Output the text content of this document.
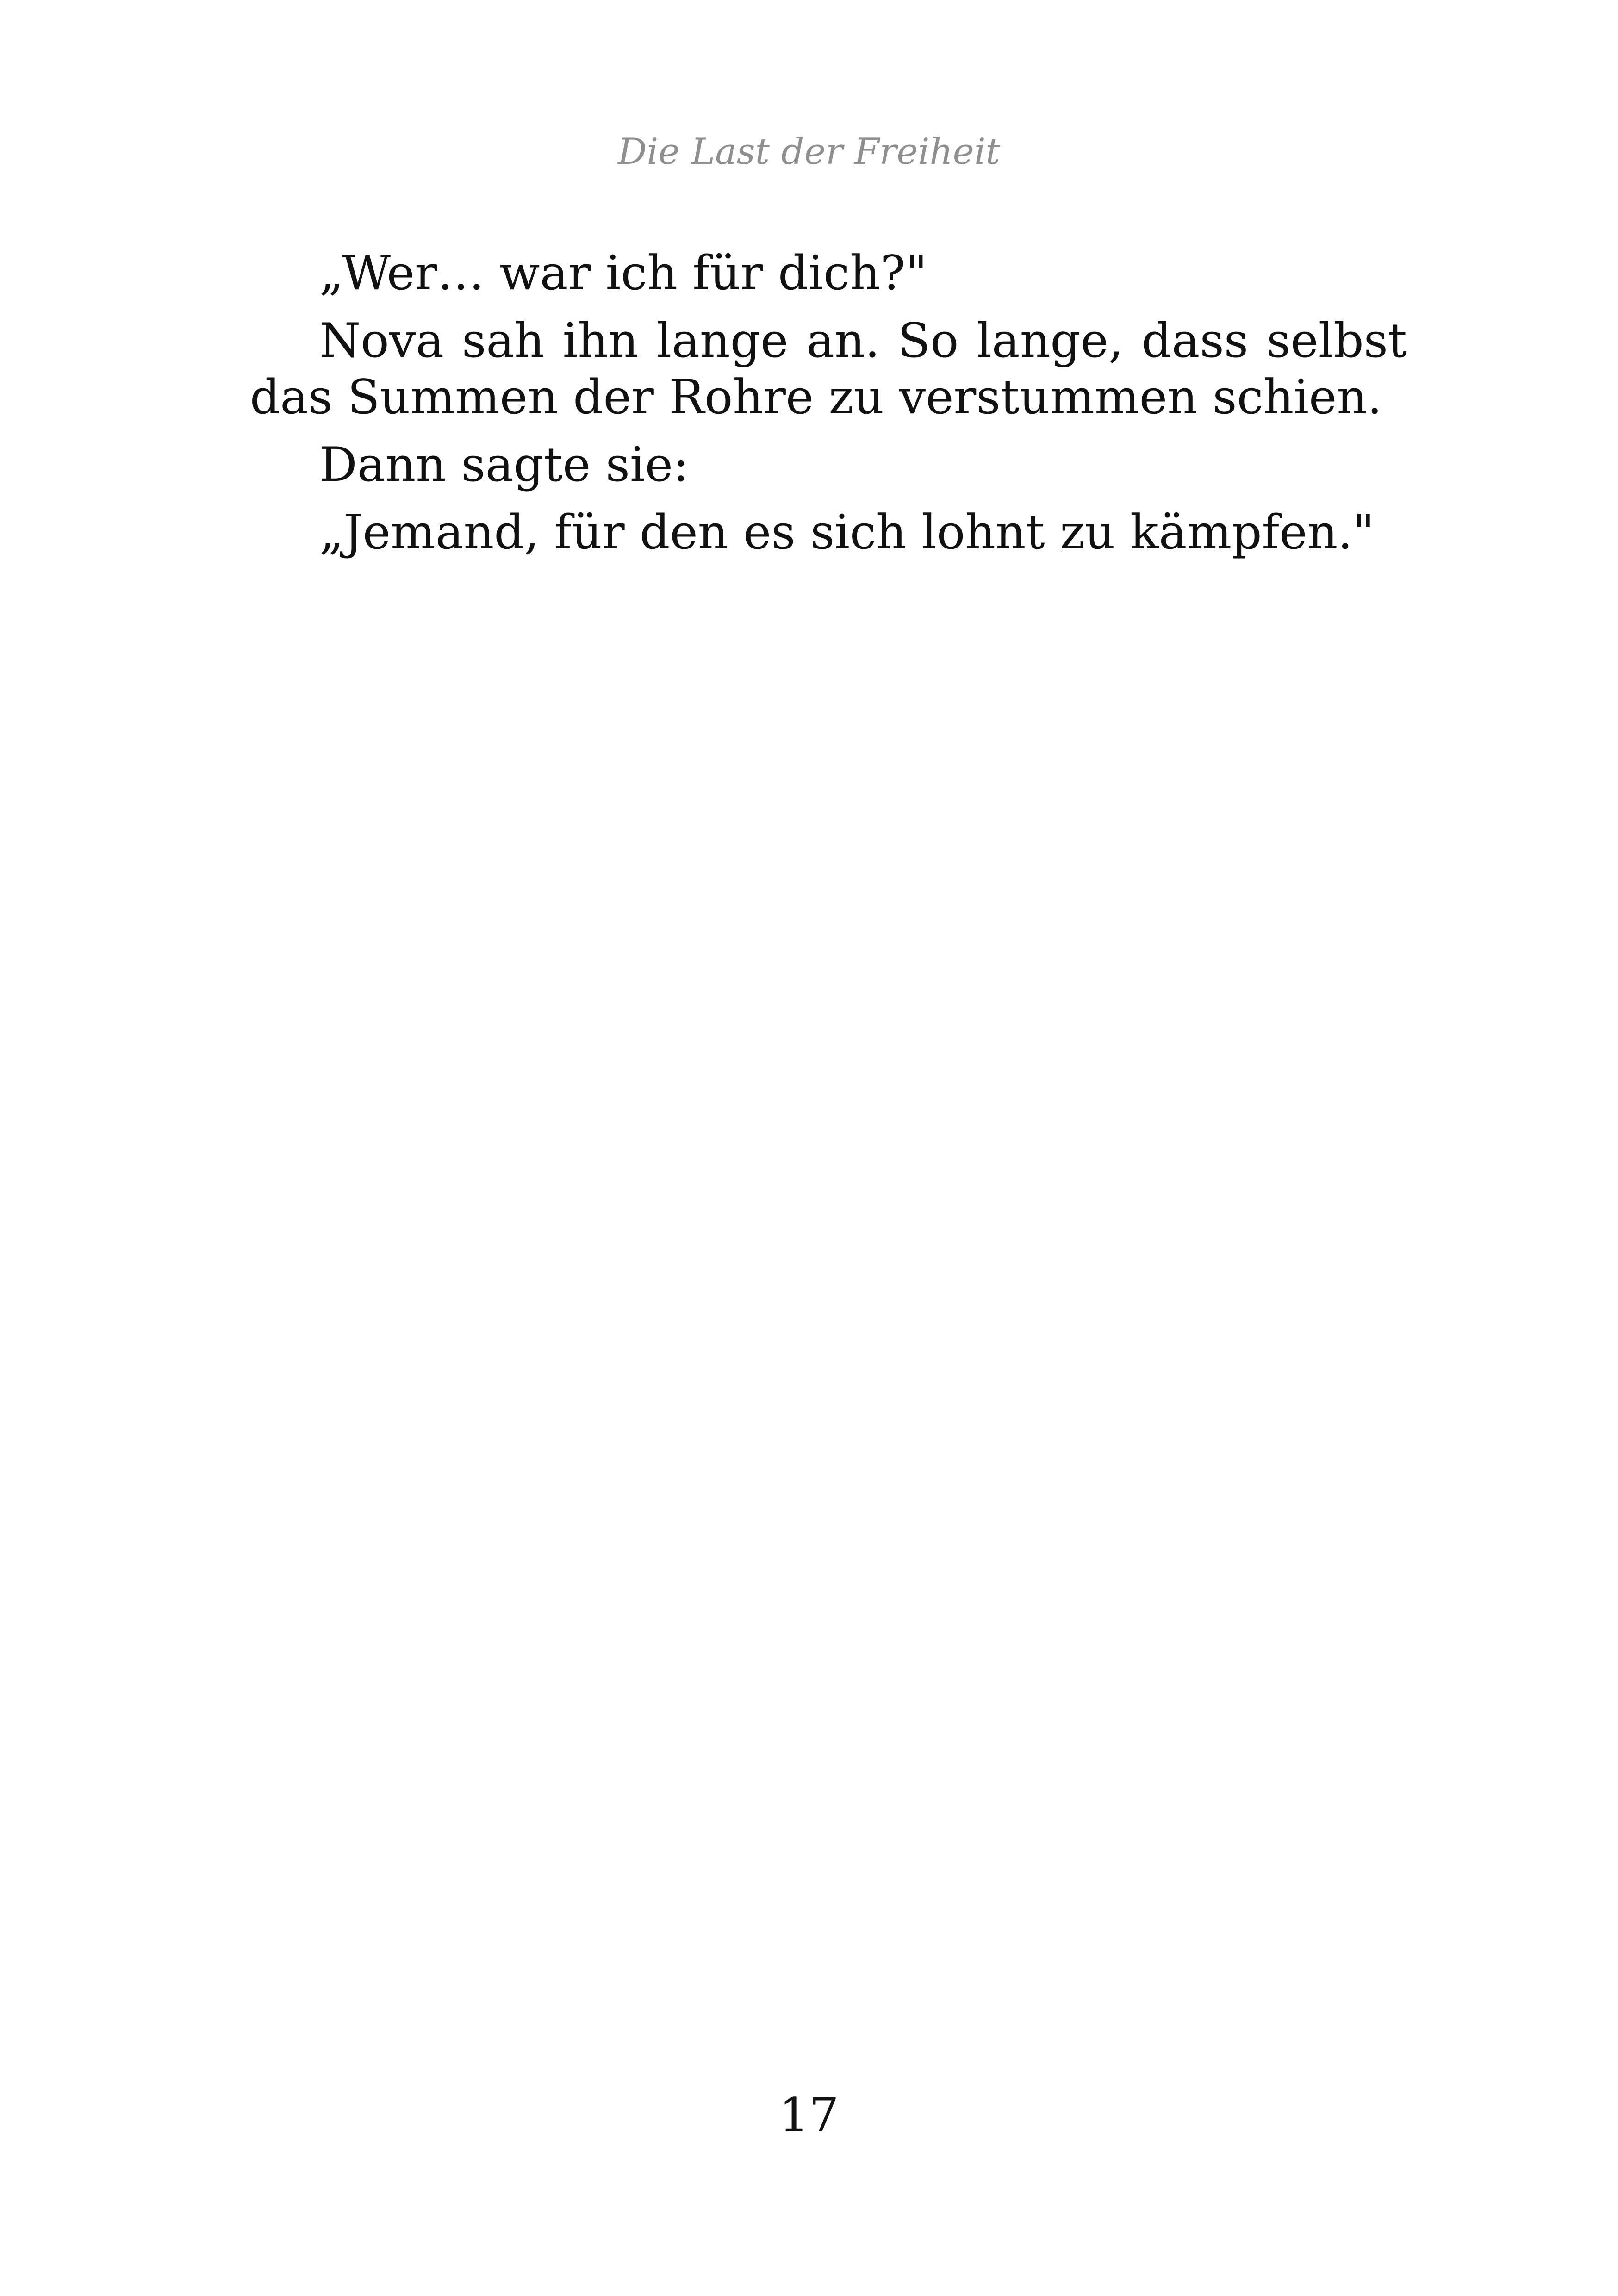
Die Last der Freiheit

„Wer… war ich für dich?"

Nova sah ihn lange an. So lange, dass selbst das Summen der Rohre zu verstummen schien.

Dann sagte sie:

„Jemand, für den es sich lohnt zu kämpfen."

17
